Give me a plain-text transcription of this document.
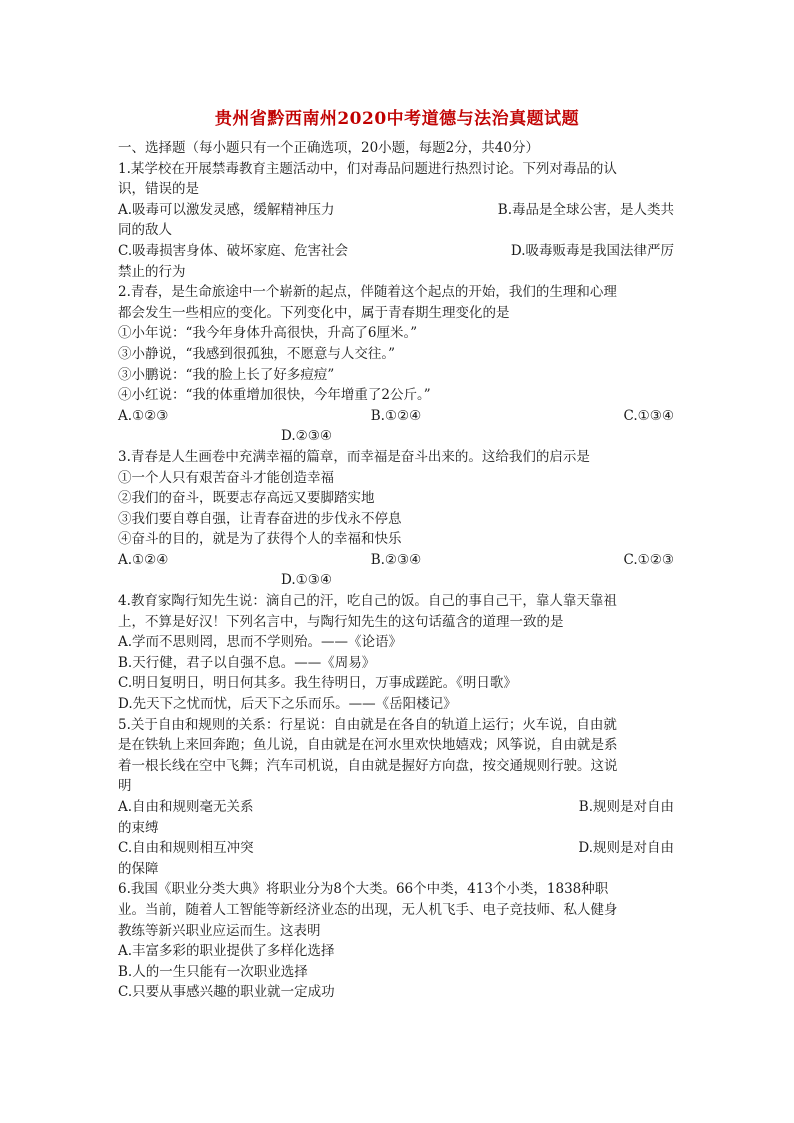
贵州省黔西南州2020中考道德与法治真题试题
一、选择题（每小题只有一个正确选项，20小题，每题2分，共40分）
1.某学校在开展禁毒教育主题活动中，们对毒品问题进行热烈讨论。下列对毒品的认
识，错误的是
A.吸毒可以激发灵感，缓解精神压力	B.毒品是全球公害，是人类共
同的敌人
C.吸毒损害身体、破坏家庭、危害社会	D.吸毒贩毒是我国法律严厉
禁止的行为
2.青春，是生命旅途中一个崭新的起点，伴随着这个起点的开始，我们的生理和心理
都会发生一些相应的变化。下列变化中，属于青春期生理变化的是
①小年说：“我今年身体升高很快，升高了6厘米。”
③小静说，“我感到很孤独，不愿意与人交往。”
③小鹏说：“我的脸上长了好多痘痘”
④小红说：“我的体重增加很快，今年增重了2公斤。”
A.①②③	B.①②④	C.①③④
D.②③④
3.青春是人生画卷中充满幸福的篇章，而幸福是奋斗出来的。这给我们的启示是
①一个人只有艰苦奋斗才能创造幸福
②我们的奋斗，既要志存高远又要脚踏实地
③我们要自尊自强，让青春奋进的步伐永不停息
④奋斗的目的，就是为了获得个人的幸福和快乐
A.①②④	B.②③④	C.①②③
D.①③④
4.教育家陶行知先生说：滴自己的汗，吃自己的饭。自己的事自己干，靠人靠天靠祖
上，不算是好汉！下列名言中，与陶行知先生的这句话蕴含的道理一致的是
A.学而不思则罔，思而不学则殆。——《论语》
B.天行健，君子以自强不息。——《周易》
C.明日复明日，明日何其多。我生待明日，万事成蹉跎。《明日歌》
D.先天下之忧而忧，后天下之乐而乐。——《岳阳楼记》
5.关于自由和规则的关系：行星说：自由就是在各自的轨道上运行；火车说，自由就
是在铁轨上来回奔跑；鱼儿说，自由就是在河水里欢快地嬉戏；风筝说，自由就是系
着一根长线在空中飞舞；汽车司机说，自由就是握好方向盘，按交通规则行驶。这说
明
A.自由和规则毫无关系	B.规则是对自由
的束缚
C.自由和规则相互冲突	D.规则是对自由
的保障
6.我国《职业分类大典》将职业分为8个大类。66个中类，413个小类，1838种职
业。当前，随着人工智能等新经济业态的出现，无人机飞手、电子竞技师、私人健身
教练等新兴职业应运而生。这表明
A.丰富多彩的职业提供了多样化选择
B.人的一生只能有一次职业选择
C.只要从事感兴趣的职业就一定成功
